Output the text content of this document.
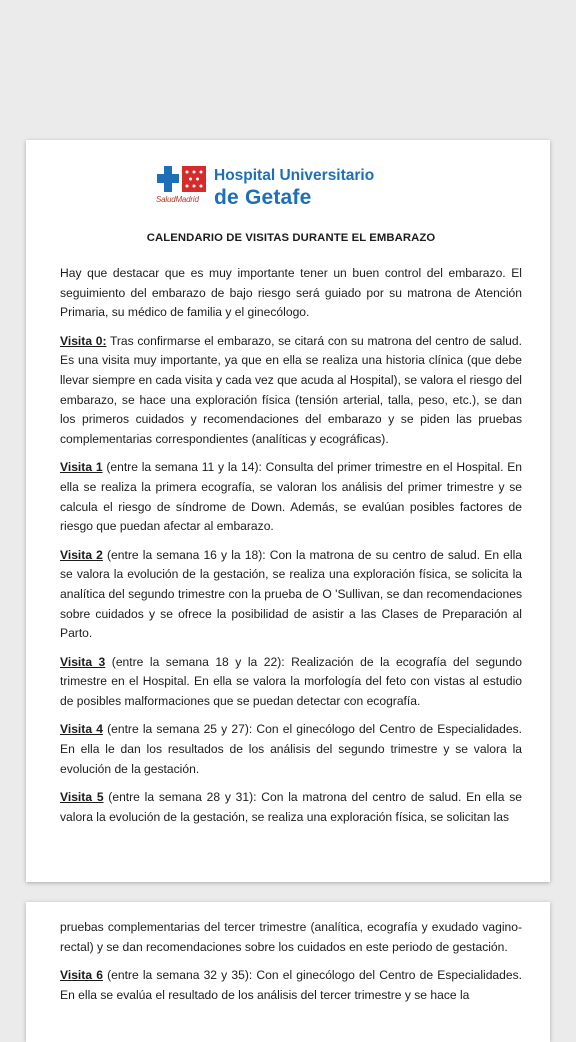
SaludMadrid
Hospital Universitario
de Getafe
CALENDARIO DE VISITAS DURANTE EL EMBARAZO

Hay que destacar que es muy importante tener un buen control del embarazo. El seguimiento del embarazo de bajo riesgo será guiado por su matrona de Atención Primaria, su médico de familia y el ginecólogo.

Visita 0: Tras confirmarse el embarazo, se citará con su matrona del centro de salud. Es una visita muy importante, ya que en ella se realiza una historia clínica (que debe llevar siempre en cada visita y cada vez que acuda al Hospital), se valora el riesgo del embarazo, se hace una exploración física (tensión arterial, talla, peso, etc.), se dan los primeros cuidados y recomendaciones del embarazo y se piden las pruebas complementarias correspondientes (analíticas y ecográficas).

Visita 1 (entre la semana 11 y la 14): Consulta del primer trimestre en el Hospital. En ella se realiza la primera ecografía, se valoran los análisis del primer trimestre y se calcula el riesgo de síndrome de Down. Además, se evalúan posibles factores de riesgo que puedan afectar al embarazo.

Visita 2 (entre la semana 16 y la 18): Con la matrona de su centro de salud. En ella se valora la evolución de la gestación, se realiza una exploración física, se solicita la analítica del segundo trimestre con la prueba de O 'Sullivan, se dan recomendaciones sobre cuidados y se ofrece la posibilidad de asistir a las Clases de Preparación al Parto.

Visita 3 (entre la semana 18 y la 22): Realización de la ecografía del segundo trimestre en el Hospital. En ella se valora la morfología del feto con vistas al estudio de posibles malformaciones que se puedan detectar con ecografía.

Visita 4 (entre la semana 25 y 27): Con el ginecólogo del Centro de Especialidades. En ella le dan los resultados de los análisis del segundo trimestre y se valora la evolución de la gestación.

Visita 5 (entre la semana 28 y 31): Con la matrona del centro de salud. En ella se valora la evolución de la gestación, se realiza una exploración física, se solicitan las

pruebas complementarias del tercer trimestre (analítica, ecografía y exudado vagino-rectal) y se dan recomendaciones sobre los cuidados en este periodo de gestación.

Visita 6 (entre la semana 32 y 35): Con el ginecólogo del Centro de Especialidades. En ella se evalúa el resultado de los análisis del tercer trimestre y se hace la
